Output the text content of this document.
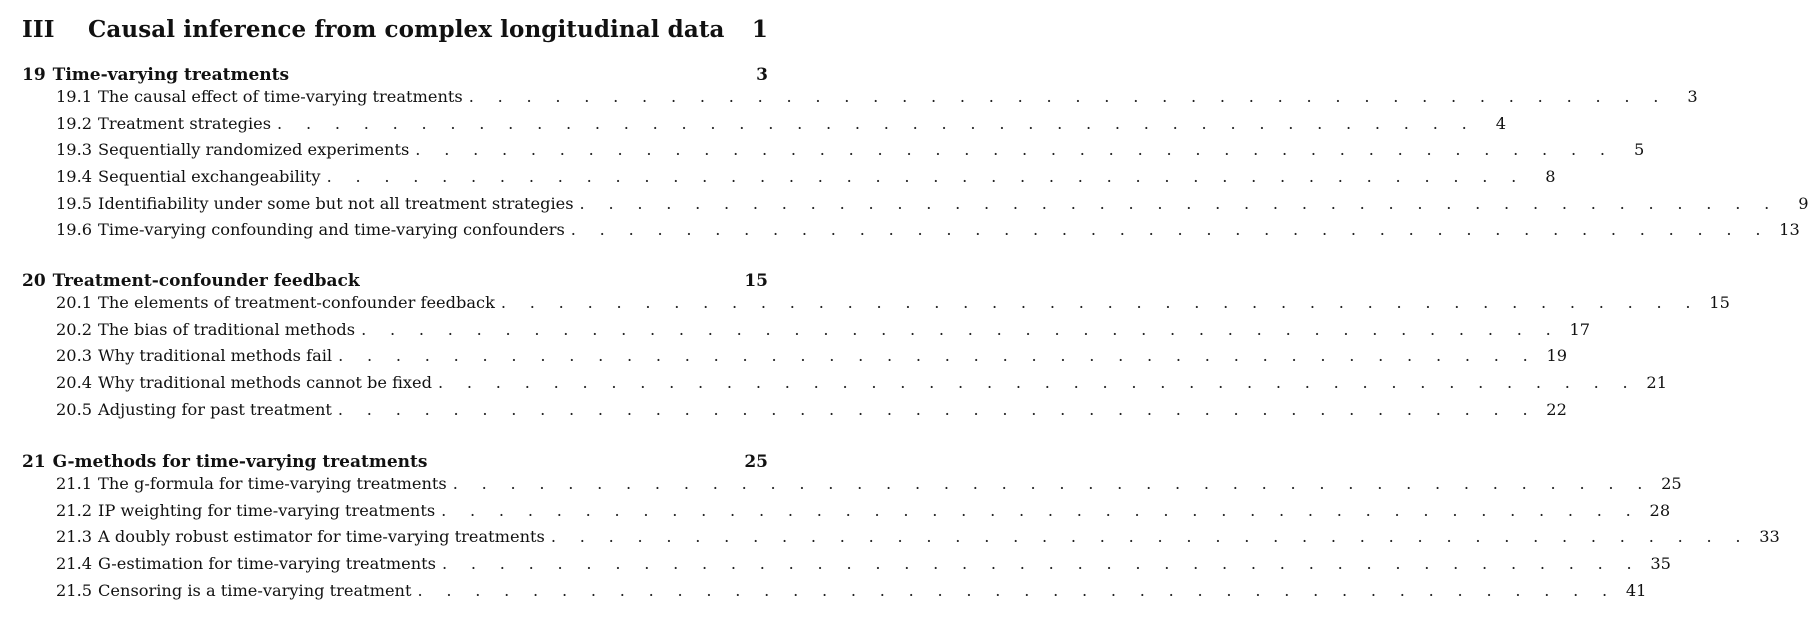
III	Causal inference from complex longitudinal data	1
19 Time-varying treatments	3
19.1 The causal effect of time-varying treatments . . . . . . . . . . . . . . . . . . . . . . . . . . . . . . . . . . . . . . . . . .	3
19.2 Treatment strategies . . . . . . . . . . . . . . . . . . . . . . . . . . . . . . . . . . . . . . . . . .	4
19.3 Sequentially randomized experiments . . . . . . . . . . . . . . . . . . . . . . . . . . . . . . . . . . . . . . . . . .	5
19.4 Sequential exchangeability . . . . . . . . . . . . . . . . . . . . . . . . . . . . . . . . . . . . . . . . . .	8
19.5 Identifiability under some but not all treatment strategies . . . . . . . . . . . . . . . . . . . . . . . . . . . . . . . . . . . . . . . . . .	9
19.6 Time-varying confounding and time-varying confounders . . . . . . . . . . . . . . . . . . . . . . . . . . . . . . . . . . . . . . . . . . 13
20 Treatment-confounder feedback	15
20.1 The elements of treatment-confounder feedback . . . . . . . . . . . . . . . . . . . . . . . . . . . . . . . . . . . . . . . . . . 15
20.2 The bias of traditional methods . . . . . . . . . . . . . . . . . . . . . . . . . . . . . . . . . . . . . . . . . . 17
20.3 Why traditional methods fail . . . . . . . . . . . . . . . . . . . . . . . . . . . . . . . . . . . . . . . . . . 19
20.4 Why traditional methods cannot be fixed . . . . . . . . . . . . . . . . . . . . . . . . . . . . . . . . . . . . . . . . . . 21
20.5 Adjusting for past treatment . . . . . . . . . . . . . . . . . . . . . . . . . . . . . . . . . . . . . . . . . . 22
21 G-methods for time-varying treatments	25
21.1 The g-formula for time-varying treatments . . . . . . . . . . . . . . . . . . . . . . . . . . . . . . . . . . . . . . . . . . 25
21.2 IP weighting for time-varying treatments . . . . . . . . . . . . . . . . . . . . . . . . . . . . . . . . . . . . . . . . . . 28
21.3 A doubly robust estimator for time-varying treatments . . . . . . . . . . . . . . . . . . . . . . . . . . . . . . . . . . . . . . . . . . 33
21.4 G-estimation for time-varying treatments . . . . . . . . . . . . . . . . . . . . . . . . . . . . . . . . . . . . . . . . . . 35
21.5 Censoring is a time-varying treatment . . . . . . . . . . . . . . . . . . . . . . . . . . . . . . . . . . . . . . . . . . 41
